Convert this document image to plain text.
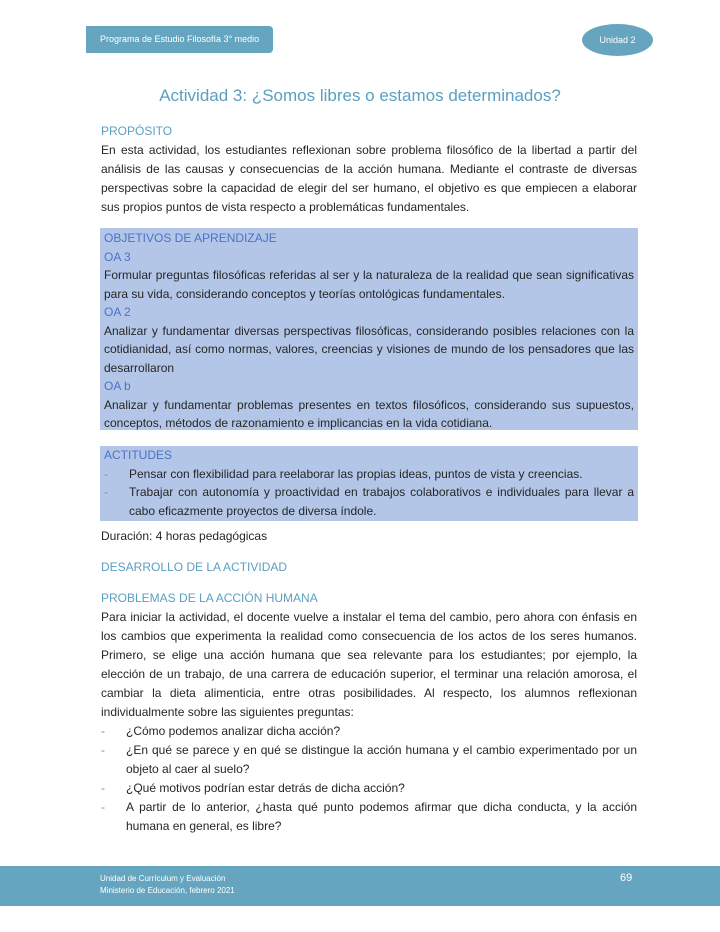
Programa de Estudio Filosofía 3° medio	Unidad 2
Actividad 3: ¿Somos libres o estamos determinados?
PROPÓSITO

En esta actividad, los estudiantes reflexionan sobre problema filosófico de la libertad a partir del análisis de las causas y consecuencias de la acción humana. Mediante el contraste de diversas perspectivas sobre la capacidad de elegir del ser humano, el objetivo es que empiecen a elaborar sus propios puntos de vista respecto a problemáticas fundamentales.

OBJETIVOS DE APRENDIZAJE
OA 3

Formular preguntas filosóficas referidas al ser y la naturaleza de la realidad que sean significativas para su vida, considerando conceptos y teorías ontológicas fundamentales.

OA 2

Analizar y fundamentar diversas perspectivas filosóficas, considerando posibles relaciones con la cotidianidad, así como normas, valores, creencias y visiones de mundo de los pensadores que las desarrollaron

OA b

Analizar y fundamentar problemas presentes en textos filosóficos, considerando sus supuestos, conceptos, métodos de razonamiento e implicancias en la vida cotidiana.

ACTITUDES
- Pensar con flexibilidad para reelaborar las propias ideas, puntos de vista y creencias.
- Trabajar con autonomía y proactividad en trabajos colaborativos e individuales para llevar a cabo eficazmente proyectos de diversa índole.
Duración: 4 horas pedagógicas
DESARROLLO DE LA ACTIVIDAD
PROBLEMAS DE LA ACCIÓN HUMANA

Para iniciar la actividad, el docente vuelve a instalar el tema del cambio, pero ahora con énfasis en los cambios que experimenta la realidad como consecuencia de los actos de los seres humanos. Primero, se elige una acción humana que sea relevante para los estudiantes; por ejemplo, la elección de un trabajo, de una carrera de educación superior, el terminar una relación amorosa, el cambiar la dieta alimenticia, entre otras posibilidades. Al respecto, los alumnos reflexionan individualmente sobre las siguientes preguntas:

- ¿Cómo podemos analizar dicha acción?
- ¿En qué se parece y en qué se distingue la acción humana y el cambio experimentado por un objeto al caer al suelo?
- ¿Qué motivos podrían estar detrás de dicha acción?
- A partir de lo anterior, ¿hasta qué punto podemos afirmar que dicha conducta, y la acción humana en general, es libre?
Unidad de Currículum y Evaluación
Ministerio de Educación, febrero 2021
69
